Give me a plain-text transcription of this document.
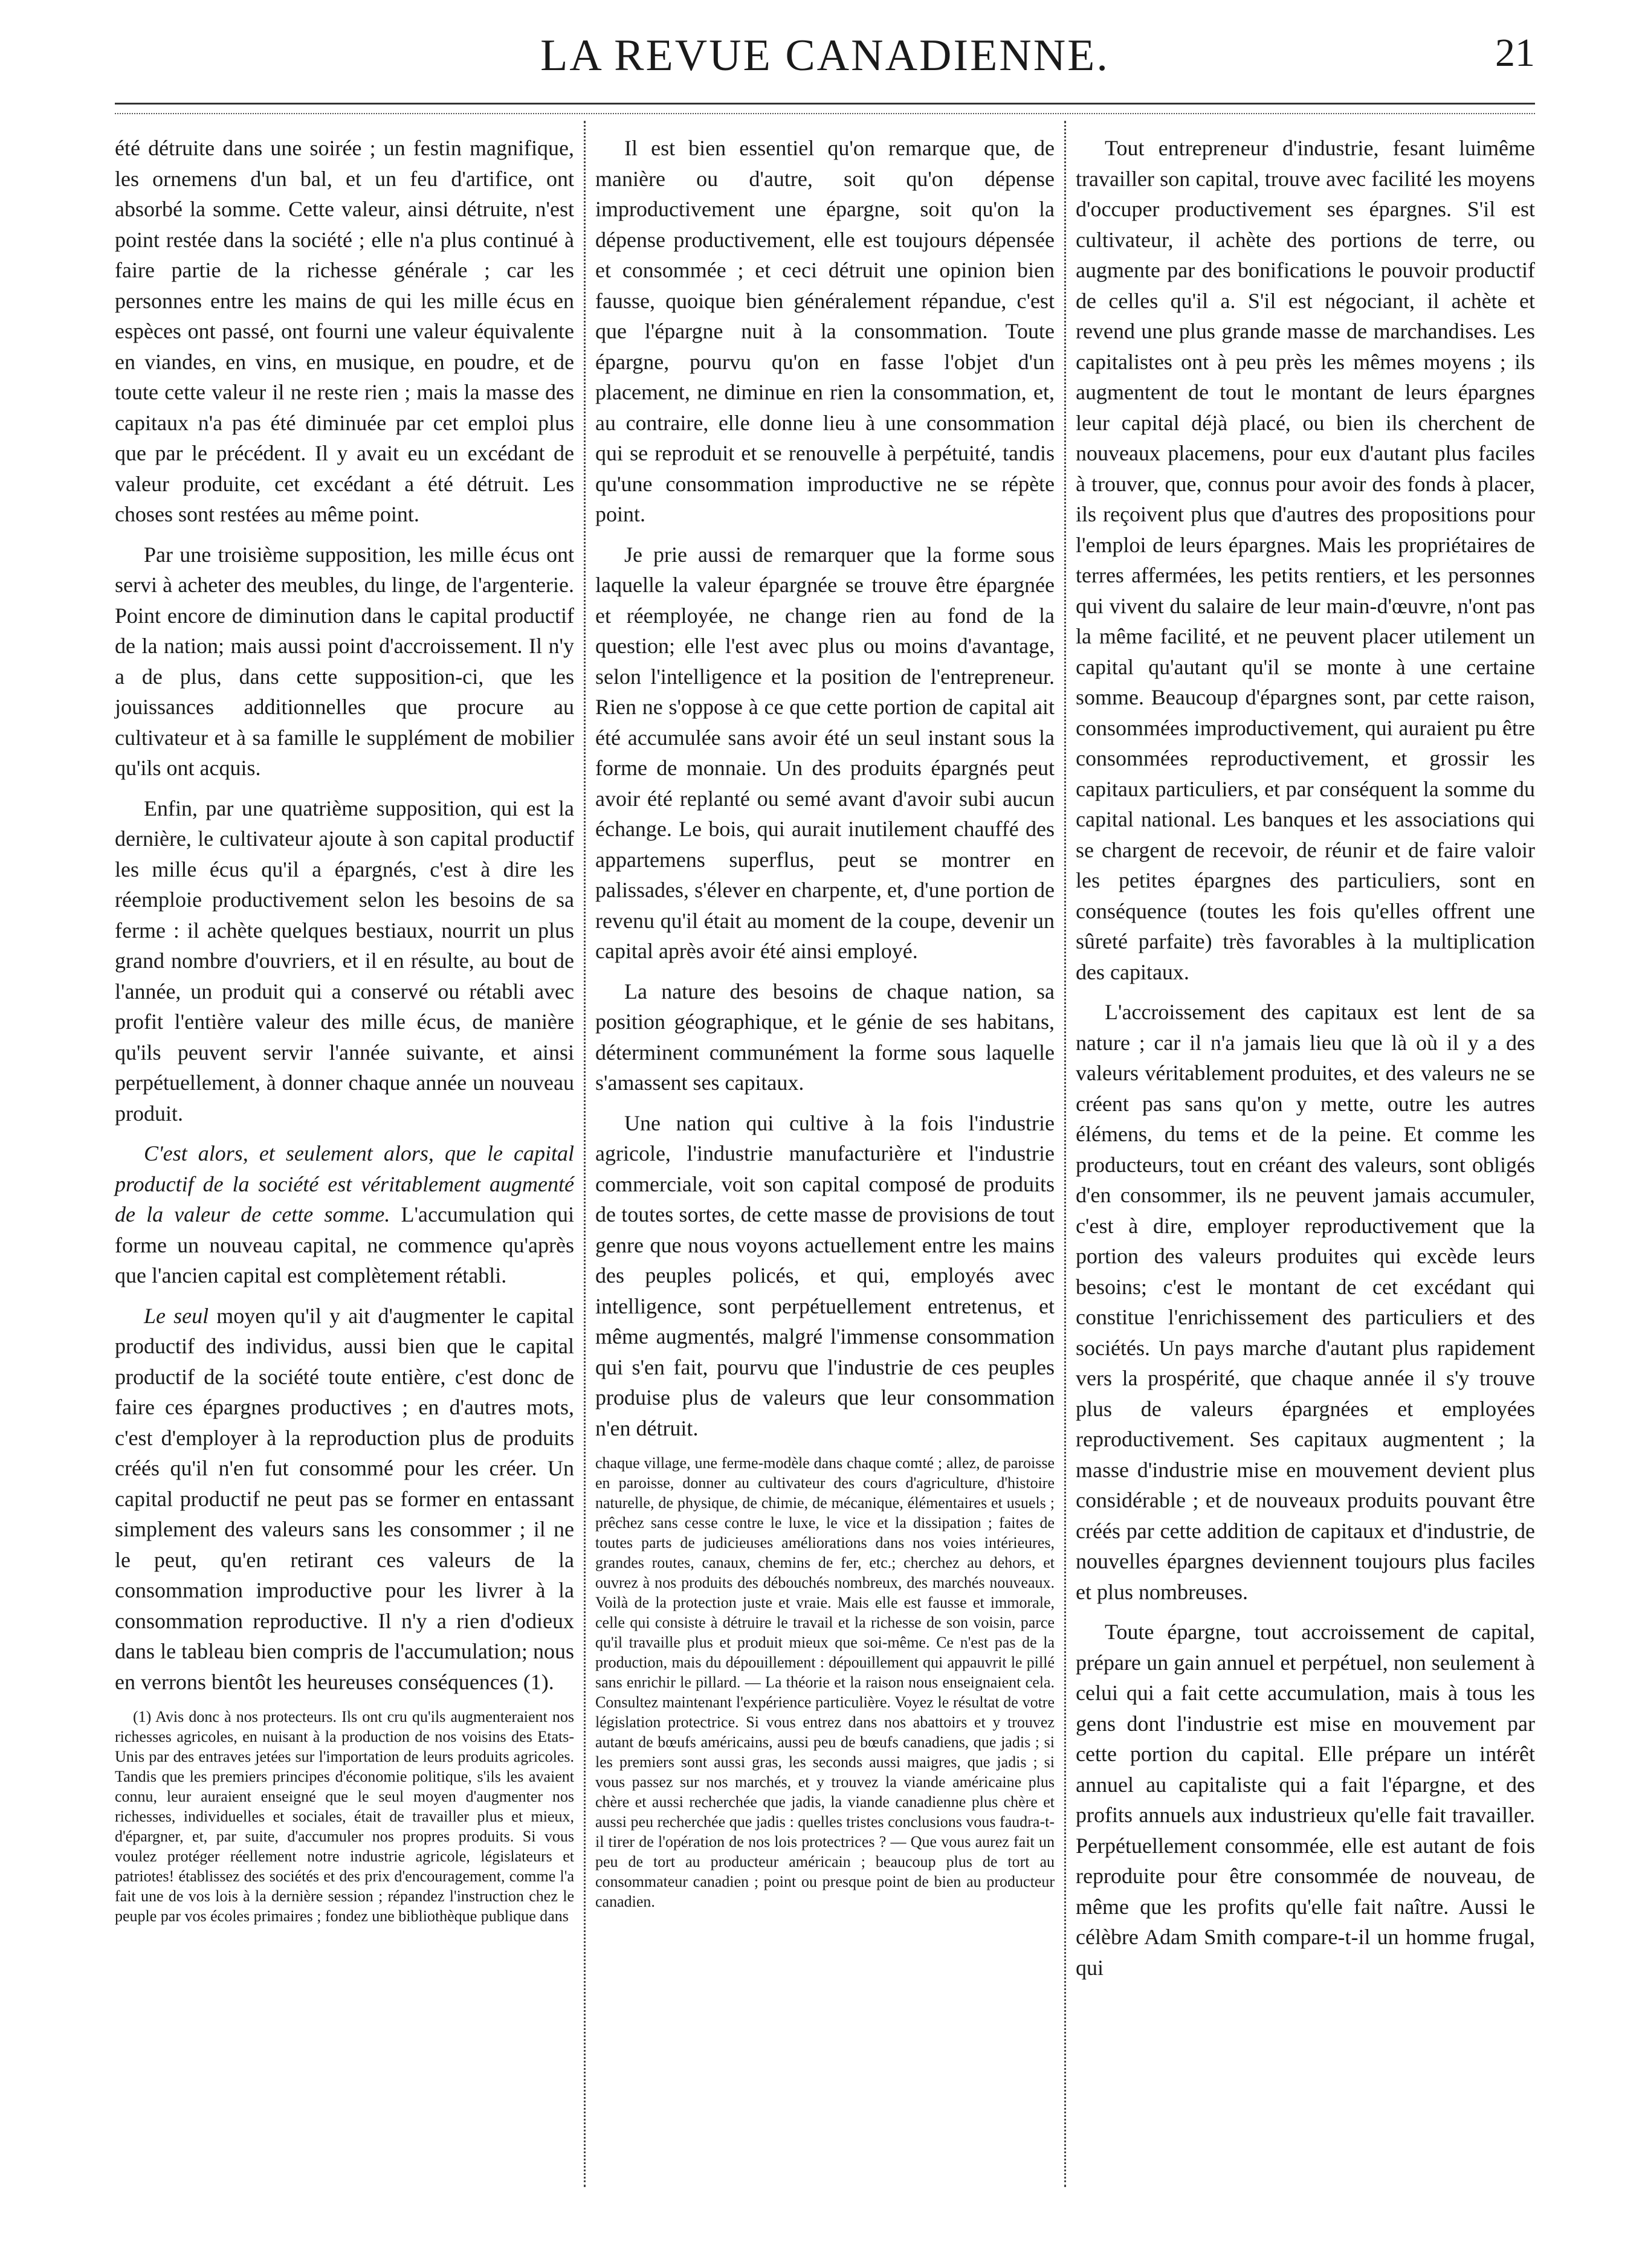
LA REVUE CANADIENNE.	21

été détruite dans une soirée ; un festin magnifique, les ornemens d'un bal, et un feu d'artifice, ont absorbé la somme. Cette valeur, ainsi détruite, n'est point restée dans la société ; elle n'a plus continué à faire partie de la richesse générale ; car les personnes entre les mains de qui les mille écus en espèces ont passé, ont fourni une valeur équivalente en viandes, en vins, en musique, en poudre, et de toute cette valeur il ne reste rien ; mais la masse des capitaux n'a pas été diminuée par cet emploi plus que par le précédent. Il y avait eu un excédant de valeur produite, cet excédant a été détruit. Les choses sont restées au même point.

Par une troisième supposition, les mille écus ont servi à acheter des meubles, du linge, de l'argenterie. Point encore de diminution dans le capital productif de la nation; mais aussi point d'accroissement. Il n'y a de plus, dans cette supposition-ci, que les jouissances additionnelles que procure au cultivateur et à sa famille le supplément de mobilier qu'ils ont acquis.

Enfin, par une quatrième supposition, qui est la dernière, le cultivateur ajoute à son capital productif les mille écus qu'il a épargnés, c'est à dire les réemploie productivement selon les besoins de sa ferme : il achète quelques bestiaux, nourrit un plus grand nombre d'ouvriers, et il en résulte, au bout de l'année, un produit qui a conservé ou rétabli avec profit l'entière valeur des mille écus, de manière qu'ils peuvent servir l'année suivante, et ainsi perpétuellement, à donner chaque année un nouveau produit.

C'est alors, et seulement alors, que le capital productif de la société est véritablement augmenté de la valeur de cette somme. L'accumulation qui forme un nouveau capital, ne commence qu'après que l'ancien capital est complètement rétabli.

Le seul moyen qu'il y ait d'augmenter le capital productif des individus, aussi bien que le capital productif de la société toute entière, c'est donc de faire ces épargnes productives ; en d'autres mots, c'est d'employer à la reproduction plus de produits créés qu'il n'en fut consommé pour les créer. Un capital productif ne peut pas se former en entassant simplement des valeurs sans les consommer ; il ne le peut, qu'en retirant ces valeurs de la consommation improductive pour les livrer à la consommation reproductive. Il n'y a rien d'odieux dans le tableau bien compris de l'accumulation; nous en verrons bientôt les heureuses conséquences (1).

(1) Avis donc à nos protecteurs. Ils ont cru qu'ils augmenteraient nos richesses agricoles, en nuisant à la production de nos voisins des Etats-Unis par des entraves jetées sur l'importation de leurs produits agricoles. Tandis que les premiers principes d'économie politique, s'ils les avaient connu, leur auraient enseigné que le seul moyen d'augmenter nos richesses, individuelles et sociales, était de travailler plus et mieux, d'épargner, et, par suite, d'accumuler nos propres produits. Si vous voulez protéger réellement notre industrie agricole, législateurs et patriotes! établissez des sociétés et des prix d'encouragement, comme l'a fait une de vos lois à la dernière session ; répandez l'instruction chez le peuple par vos écoles primaires ; fondez une bibliothèque publique dans

Il est bien essentiel qu'on remarque que, de manière ou d'autre, soit qu'on dépense improductivement une épargne, soit qu'on la dépense productivement, elle est toujours dépensée et consommée ; et ceci détruit une opinion bien fausse, quoique bien généralement répandue, c'est que l'épargne nuit à la consommation. Toute épargne, pourvu qu'on en fasse l'objet d'un placement, ne diminue en rien la consommation, et, au contraire, elle donne lieu à une consommation qui se reproduit et se renouvelle à perpétuité, tandis qu'une consommation improductive ne se répète point.

Je prie aussi de remarquer que la forme sous laquelle la valeur épargnée se trouve être épargnée et réemployée, ne change rien au fond de la question; elle l'est avec plus ou moins d'avantage, selon l'intelligence et la position de l'entrepreneur. Rien ne s'oppose à ce que cette portion de capital ait été accumulée sans avoir été un seul instant sous la forme de monnaie. Un des produits épargnés peut avoir été replanté ou semé avant d'avoir subi aucun échange. Le bois, qui aurait inutilement chauffé des appartemens superflus, peut se montrer en palissades, s'élever en charpente, et, d'une portion de revenu qu'il était au moment de la coupe, devenir un capital après avoir été ainsi employé.

La nature des besoins de chaque nation, sa position géographique, et le génie de ses habitans, déterminent communément la forme sous laquelle s'amassent ses capitaux.

Une nation qui cultive à la fois l'industrie agricole, l'industrie manufacturière et l'industrie commerciale, voit son capital composé de produits de toutes sortes, de cette masse de provisions de tout genre que nous voyons actuellement entre les mains des peuples policés, et qui, employés avec intelligence, sont perpétuellement entretenus, et même augmentés, malgré l'immense consommation qui s'en fait, pourvu que l'industrie de ces peuples produise plus de valeurs que leur consommation n'en détruit.

chaque village, une ferme-modèle dans chaque comté ; allez, de paroisse en paroisse, donner au cultivateur des cours d'agriculture, d'histoire naturelle, de physique, de chimie, de mécanique, élémentaires et usuels ; prêchez sans cesse contre le luxe, le vice et la dissipation ; faites de toutes parts de judicieuses améliorations dans nos voies intérieures, grandes routes, canaux, chemins de fer, etc.; cherchez au dehors, et ouvrez à nos produits des débouchés nombreux, des marchés nouveaux. Voilà de la protection juste et vraie. Mais elle est fausse et immorale, celle qui consiste à détruire le travail et la richesse de son voisin, parce qu'il travaille plus et produit mieux que soi-même. Ce n'est pas de la production, mais du dépouillement : dépouillement qui appauvrit le pillé sans enrichir le pillard. — La théorie et la raison nous enseignaient cela. Consultez maintenant l'expérience particulière. Voyez le résultat de votre législation protectrice. Si vous entrez dans nos abattoirs et y trouvez autant de bœufs américains, aussi peu de bœufs canadiens, que jadis ; si les premiers sont aussi gras, les seconds aussi maigres, que jadis ; si vous passez sur nos marchés, et y trouvez la viande américaine plus chère et aussi recherchée que jadis, la viande canadienne plus chère et aussi peu recherchée que jadis : quelles tristes conclusions vous faudra-t-il tirer de l'opération de nos lois protectrices ? — Que vous aurez fait un peu de tort au producteur américain ; beaucoup plus de tort au consommateur canadien ; point ou presque point de bien au producteur canadien.

Tout entrepreneur d'industrie, fesant luimême travailler son capital, trouve avec facilité les moyens d'occuper productivement ses épargnes. S'il est cultivateur, il achète des portions de terre, ou augmente par des bonifications le pouvoir productif de celles qu'il a. S'il est négociant, il achète et revend une plus grande masse de marchandises. Les capitalistes ont à peu près les mêmes moyens ; ils augmentent de tout le montant de leurs épargnes leur capital déjà placé, ou bien ils cherchent de nouveaux placemens, pour eux d'autant plus faciles à trouver, que, connus pour avoir des fonds à placer, ils reçoivent plus que d'autres des propositions pour l'emploi de leurs épargnes. Mais les propriétaires de terres affermées, les petits rentiers, et les personnes qui vivent du salaire de leur main-d'œuvre, n'ont pas la même facilité, et ne peuvent placer utilement un capital qu'autant qu'il se monte à une certaine somme. Beaucoup d'épargnes sont, par cette raison, consommées improductivement, qui auraient pu être consommées reproductivement, et grossir les capitaux particuliers, et par conséquent la somme du capital national. Les banques et les associations qui se chargent de recevoir, de réunir et de faire valoir les petites épargnes des particuliers, sont en conséquence (toutes les fois qu'elles offrent une sûreté parfaite) très favorables à la multiplication des capitaux.

L'accroissement des capitaux est lent de sa nature ; car il n'a jamais lieu que là où il y a des valeurs véritablement produites, et des valeurs ne se créent pas sans qu'on y mette, outre les autres élémens, du tems et de la peine. Et comme les producteurs, tout en créant des valeurs, sont obligés d'en consommer, ils ne peuvent jamais accumuler, c'est à dire, employer reproductivement que la portion des valeurs produites qui excède leurs besoins; c'est le montant de cet excédant qui constitue l'enrichissement des particuliers et des sociétés. Un pays marche d'autant plus rapidement vers la prospérité, que chaque année il s'y trouve plus de valeurs épargnées et employées reproductivement. Ses capitaux augmentent ; la masse d'industrie mise en mouvement devient plus considérable ; et de nouveaux produits pouvant être créés par cette addition de capitaux et d'industrie, de nouvelles épargnes deviennent toujours plus faciles et plus nombreuses.

Toute épargne, tout accroissement de capital, prépare un gain annuel et perpétuel, non seulement à celui qui a fait cette accumulation, mais à tous les gens dont l'industrie est mise en mouvement par cette portion du capital. Elle prépare un intérêt annuel au capitaliste qui a fait l'épargne, et des profits annuels aux industrieux qu'elle fait travailler. Perpétuellement consommée, elle est autant de fois reproduite pour être consommée de nouveau, de même que les profits qu'elle fait naître. Aussi le célèbre Adam Smith compare-t-il un homme frugal, qui
